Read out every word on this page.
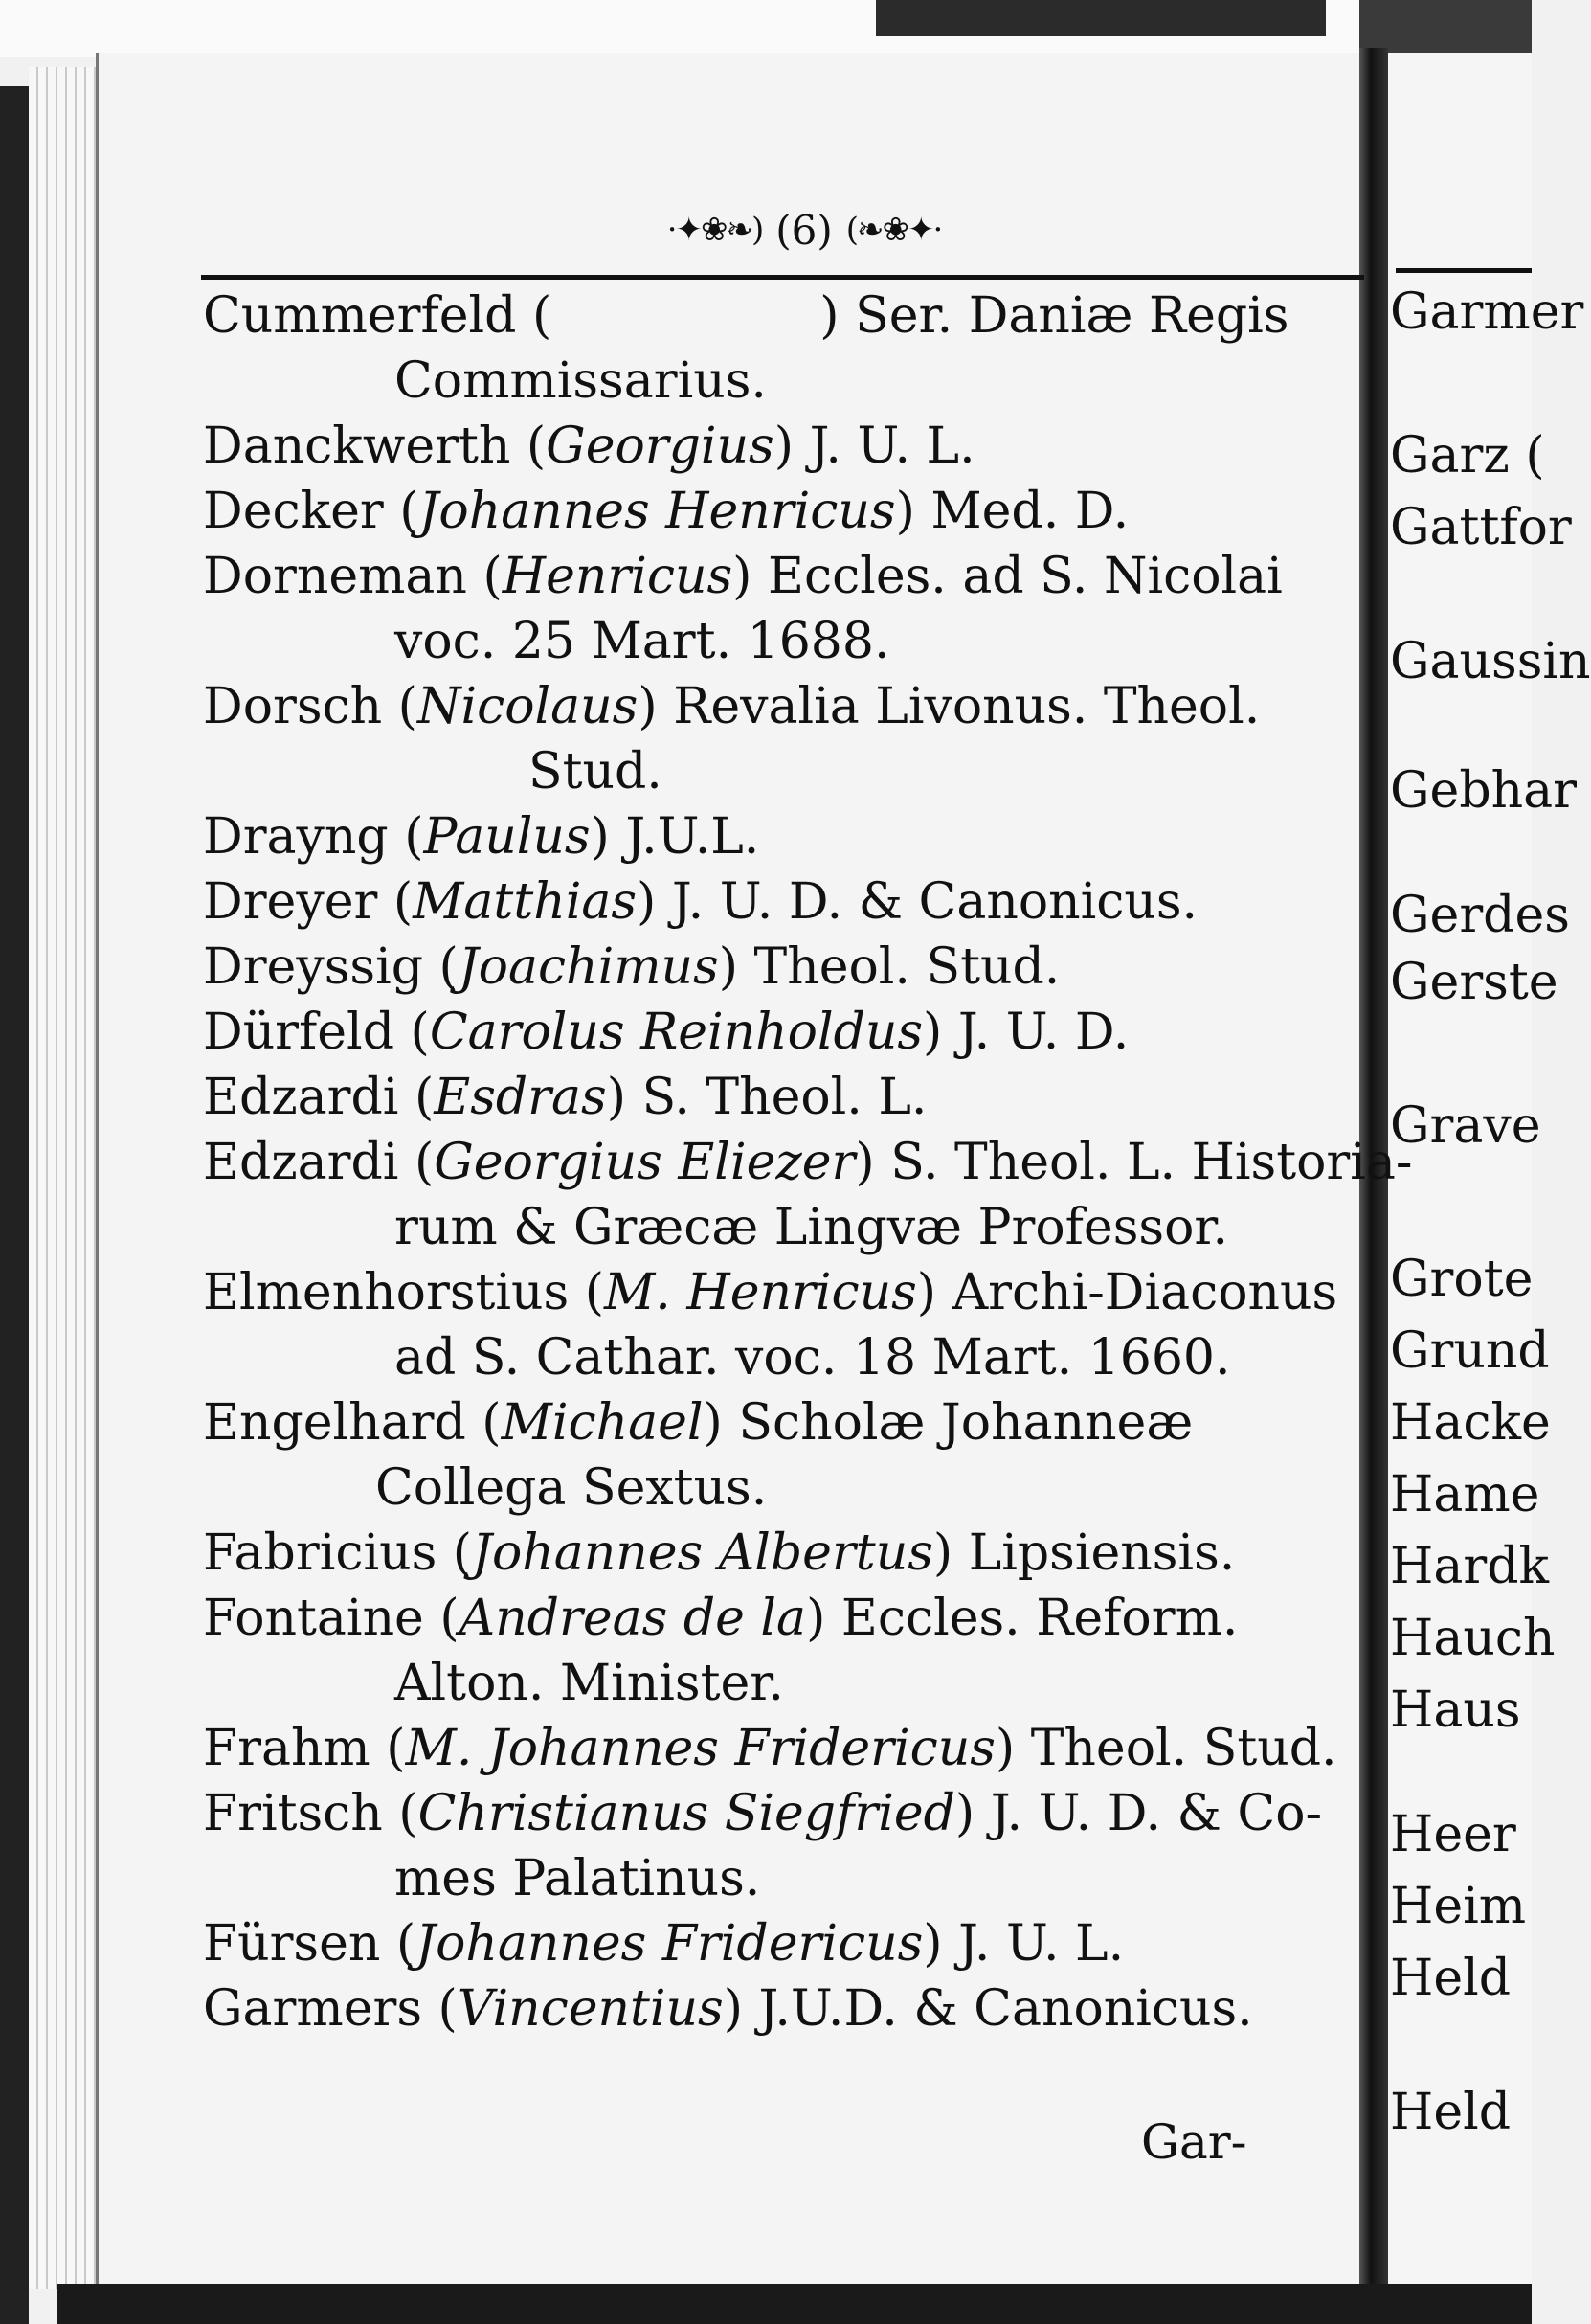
·✦❀❧) (6) (❧❀✦·
Cummerfeld (	) Ser. Daniæ Regis
Commissarius.
Danckwerth (Georgius) J. U. L.
Decker (Johannes Henricus) Med. D.
Dorneman (Henricus) Eccles. ad S. Nicolai
voc. 25 Mart. 1688.
Dorsch (Nicolaus) Revalia Livonus. Theol.
Stud.
Drayng (Paulus) J.U.L.
Dreyer (Matthias) J. U. D. & Canonicus.
Dreyssig (Joachimus) Theol. Stud.
Dürfeld (Carolus Reinholdus) J. U. D.
Edzardi (Esdras) S. Theol. L.
Edzardi (Georgius Eliezer) S. Theol. L. Historia-
rum & Græcæ Lingvæ Professor.
Elmenhorstius (M. Henricus) Archi-Diaconus
ad S. Cathar. voc. 18 Mart. 1660.
Engelhard (Michael) Scholæ Johanneæ
Collega Sextus.
Fabricius (Johannes Albertus) Lipsiensis.
Fontaine (Andreas de la) Eccles. Reform.
Alton. Minister.
Frahm (M. Johannes Fridericus) Theol. Stud.
Fritsch (Christianus Siegfried) J. U. D. & Co-
mes Palatinus.
Fürsen (Johannes Fridericus) J. U. L.
Garmers (Vincentius) J.U.D. & Canonicus.
Gar-
Garmer
Garz (
Gattfor
Gaussin
Gebhar
Gerdes
Gerste
Grave
Grote
Grund
Hacke
Hame
Hardk
Hauch
Haus
Heer
Heim
Held
Held
